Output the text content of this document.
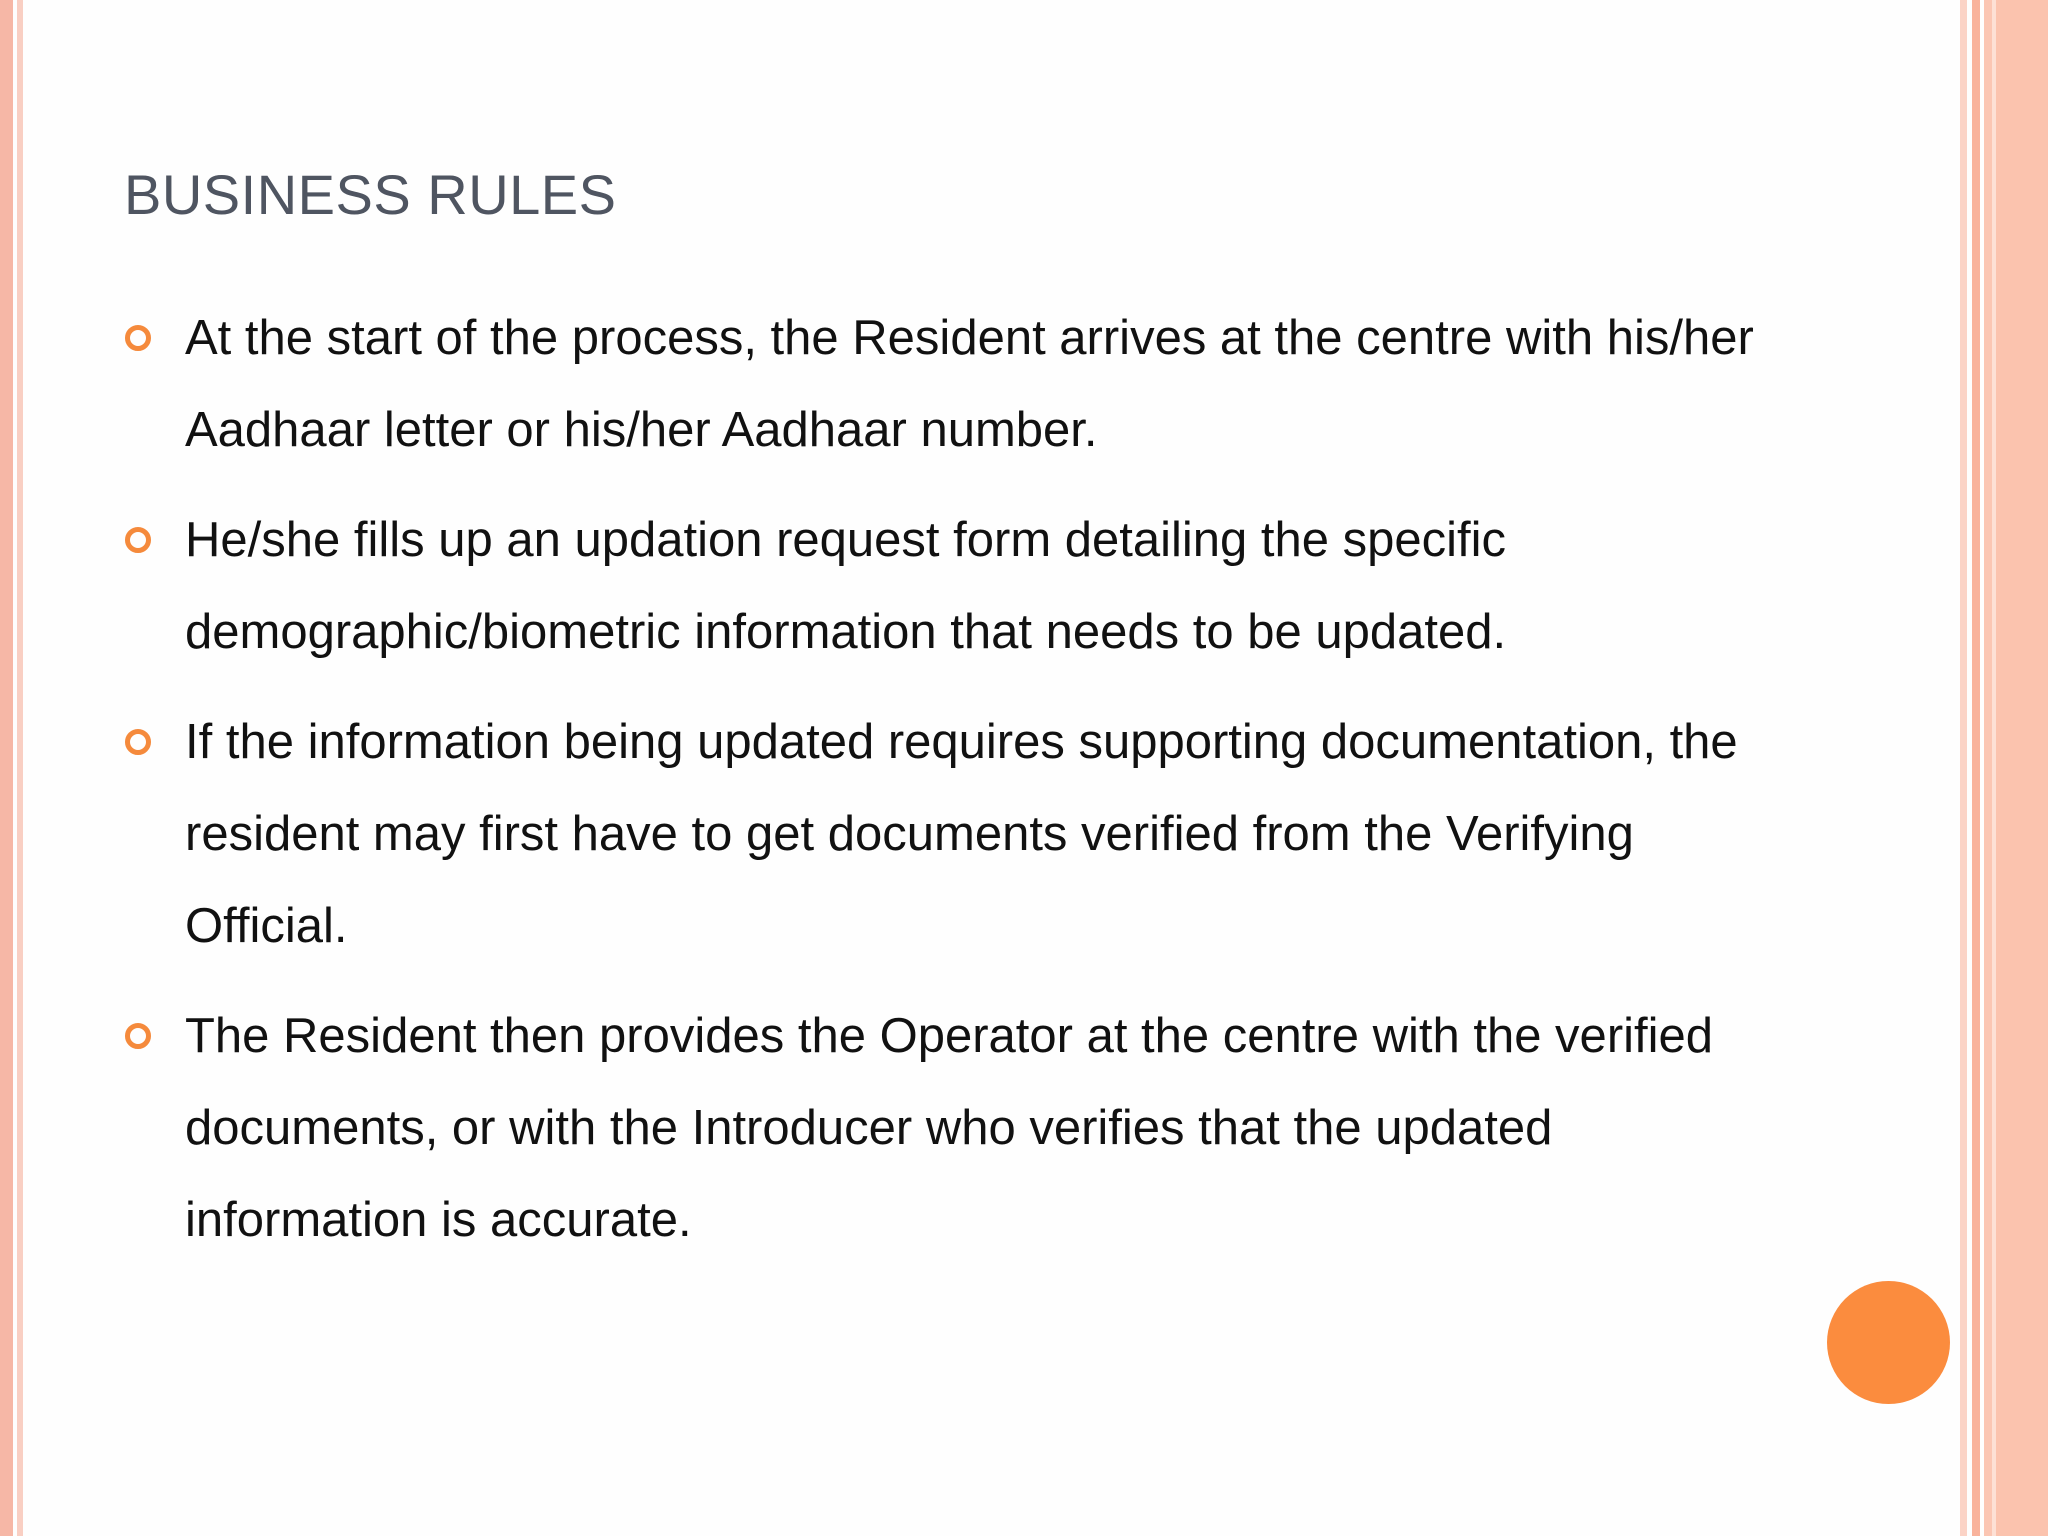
BUSINESS RULES
At the start of the process, the Resident arrives at the centre with his/her Aadhaar letter or his/her Aadhaar number.
He/she fills up an updation request form detailing the specific demographic/biometric information that needs to be updated.
If the information being updated requires supporting documentation, the resident may first have to get documents verified from the Verifying Official.
The Resident then provides the Operator at the centre with the verified documents, or with the Introducer who verifies that the updated information is accurate.
